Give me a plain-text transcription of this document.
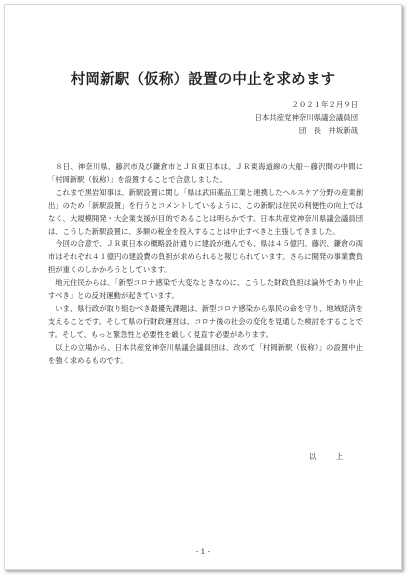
村岡新駅（仮称）設置の中止を求めます
２０２１年２月９日
日本共産党神奈川県議会議員団
団　長　井坂新哉

８日、神奈川県、藤沢市及び鎌倉市とＪＲ東日本は、ＪＲ東海道線の大船－藤沢間の中間に「村岡新駅（仮称）」を設置することで合意しました。

これまで黒岩知事は、新駅設置に関し「県は武田薬品工業と連携したヘルスケア分野の産業創出」のため「新駅設置」を行うとコメントしているように、この新駅は住民の利便性の向上ではなく、大規模開発・大企業支援が目的であることは明らかです。日本共産党神奈川県議会議員団は、こうした新駅設置に、多額の税金を投入することは中止すべきと主張してきました。

今回の合意で、ＪＲ東日本の概略設計通りに建設が進んでも、県は４５億円、藤沢、鎌倉の両市はそれぞれ４１億円の建設費の負担が求められると報じられています。さらに開発の事業費負担が重くのしかかろうとしています。

地元住民からは、「新型コロナ感染で大変なときなのに、こうした財政負担は論外であり中止すべき」との反対運動が起きています。

いま、県行政が取り組むべき最優先課題は、新型コロナ感染から県民の命を守り、地域経済を支えることです。そして県の行財政運営は、コロナ後の社会の変化を見通した検討をすることです。そして、もっと緊急性と必要性を厳しく見直す必要があります。

以上の立場から、日本共産党神奈川県議会議員団は、改めて「村岡新駅（仮称）」の設置中止を強く求めるものです。

以　上
- 1 -
